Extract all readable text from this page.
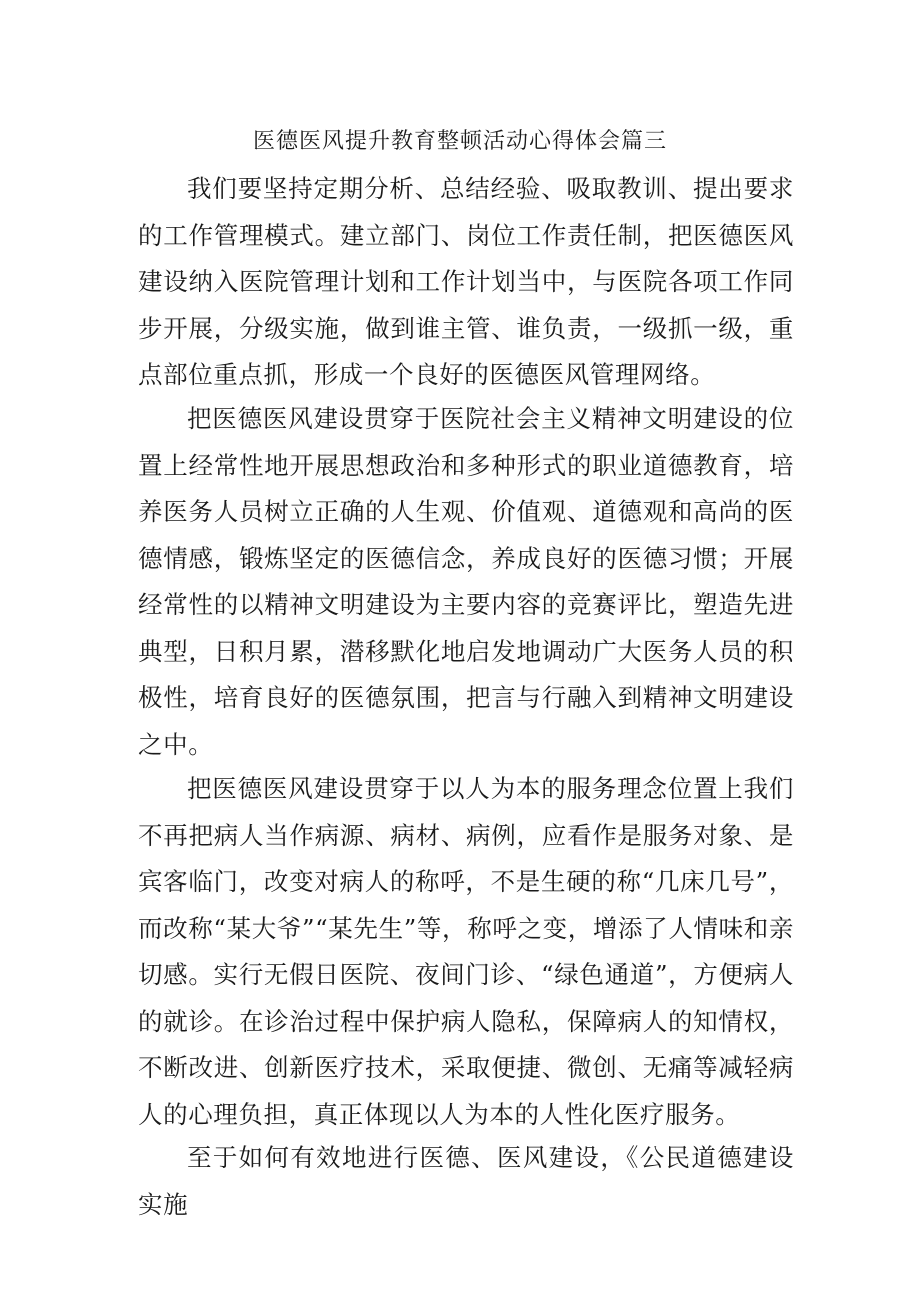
医德医风提升教育整顿活动心得体会篇三

我们要坚持定期分析、总结经验、吸取教训、提出要求的工作管理模式。建立部门、岗位工作责任制，把医德医风建设纳入医院管理计划和工作计划当中，与医院各项工作同步开展，分级实施，做到谁主管、谁负责，一级抓一级，重点部位重点抓，形成一个良好的医德医风管理网络。

把医德医风建设贯穿于医院社会主义精神文明建设的位置上经常性地开展思想政治和多种形式的职业道德教育，培养医务人员树立正确的人生观、价值观、道德观和高尚的医德情感，锻炼坚定的医德信念，养成良好的医德习惯；开展经常性的以精神文明建设为主要内容的竞赛评比，塑造先进典型，日积月累，潜移默化地启发地调动广大医务人员的积极性，培育良好的医德氛围，把言与行融入到精神文明建设之中。

把医德医风建设贯穿于以人为本的服务理念位置上我们不再把病人当作病源、病材、病例，应看作是服务对象、是宾客临门，改变对病人的称呼，不是生硬的称“几床几号”，而改称“某大爷”“某先生”等，称呼之变，增添了人情味和亲切感。实行无假日医院、夜间门诊、“绿色通道”，方便病人的就诊。在诊治过程中保护病人隐私，保障病人的知情权，不断改进、创新医疗技术，采取便捷、微创、无痛等减轻病人的心理负担，真正体现以人为本的人性化医疗服务。

至于如何有效地进行医德、医风建设，《公民道德建设实施
